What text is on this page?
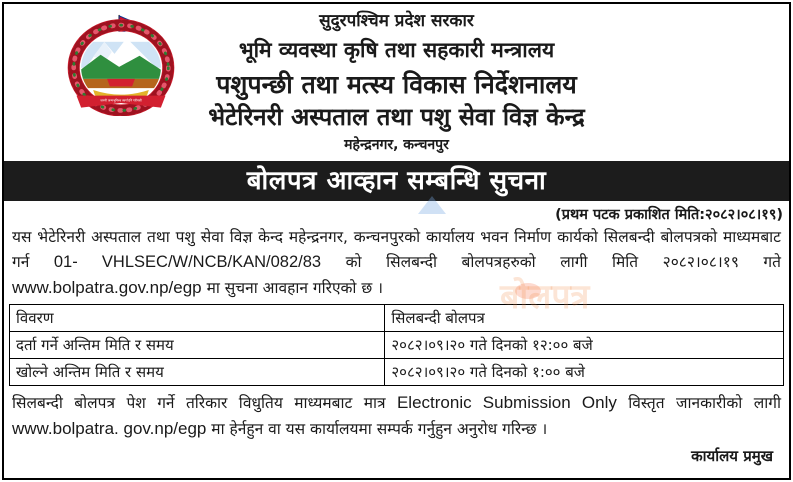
जननी जन्मभूमिश्च स्वर्गादपि गरीयसी
सुदुरपश्चिम प्रदेश सरकार
भूमि व्यवस्था कृषि तथा सहकारी मन्त्रालय
पशुपन्छी तथा मत्स्य विकास निर्देशनालय
भेटेरिनरी अस्पताल तथा पशु सेवा विज्ञ केन्द्र
महेन्द्रनगर, कन्चनपुर
बोलपत्र आव्हान सम्बन्धि सुचना
(प्रथम पटक प्रकाशित मिति:२०८२।०८।१९)

यस भेटेरिनरी अस्पताल तथा पशु सेवा विज्ञ केन्द महेन्द्रनगर, कन्चनपुरको कार्यालय भवन निर्माण कार्यको सिलबन्दी बोलपत्रको माध्यमबाट गर्न 01- VHLSEC/W/NCB/KAN/082/83 को सिलबन्दी बोलपत्रहरुको लागी मिति २०८२।०८।१९ गते www.bolpatra.gov.np/egp मा सुचना आवहान गरिएको छ ।

विवरण	सिलबन्दी बोलपत्र
दर्ता गर्ने अन्तिम मिति र समय	२०८२।०९।२० गते दिनको १२:०० बजे
खोल्ने अन्तिम मिति र समय	२०८२।०९।२० गते दिनको १:०० बजे

सिलबन्दी बोलपत्र पेश गर्ने तरिकार विधुतिय माध्यमबाट मात्र Electronic Submission Only विस्तृत जानकारीको लागी www.bolpatra. gov.np/egp मा हेर्नहुन वा यस कार्यालयमा सम्पर्क गर्नुहुन अनुरोध गरिन्छ ।

कार्यालय प्रमुख
बोलपत्र
